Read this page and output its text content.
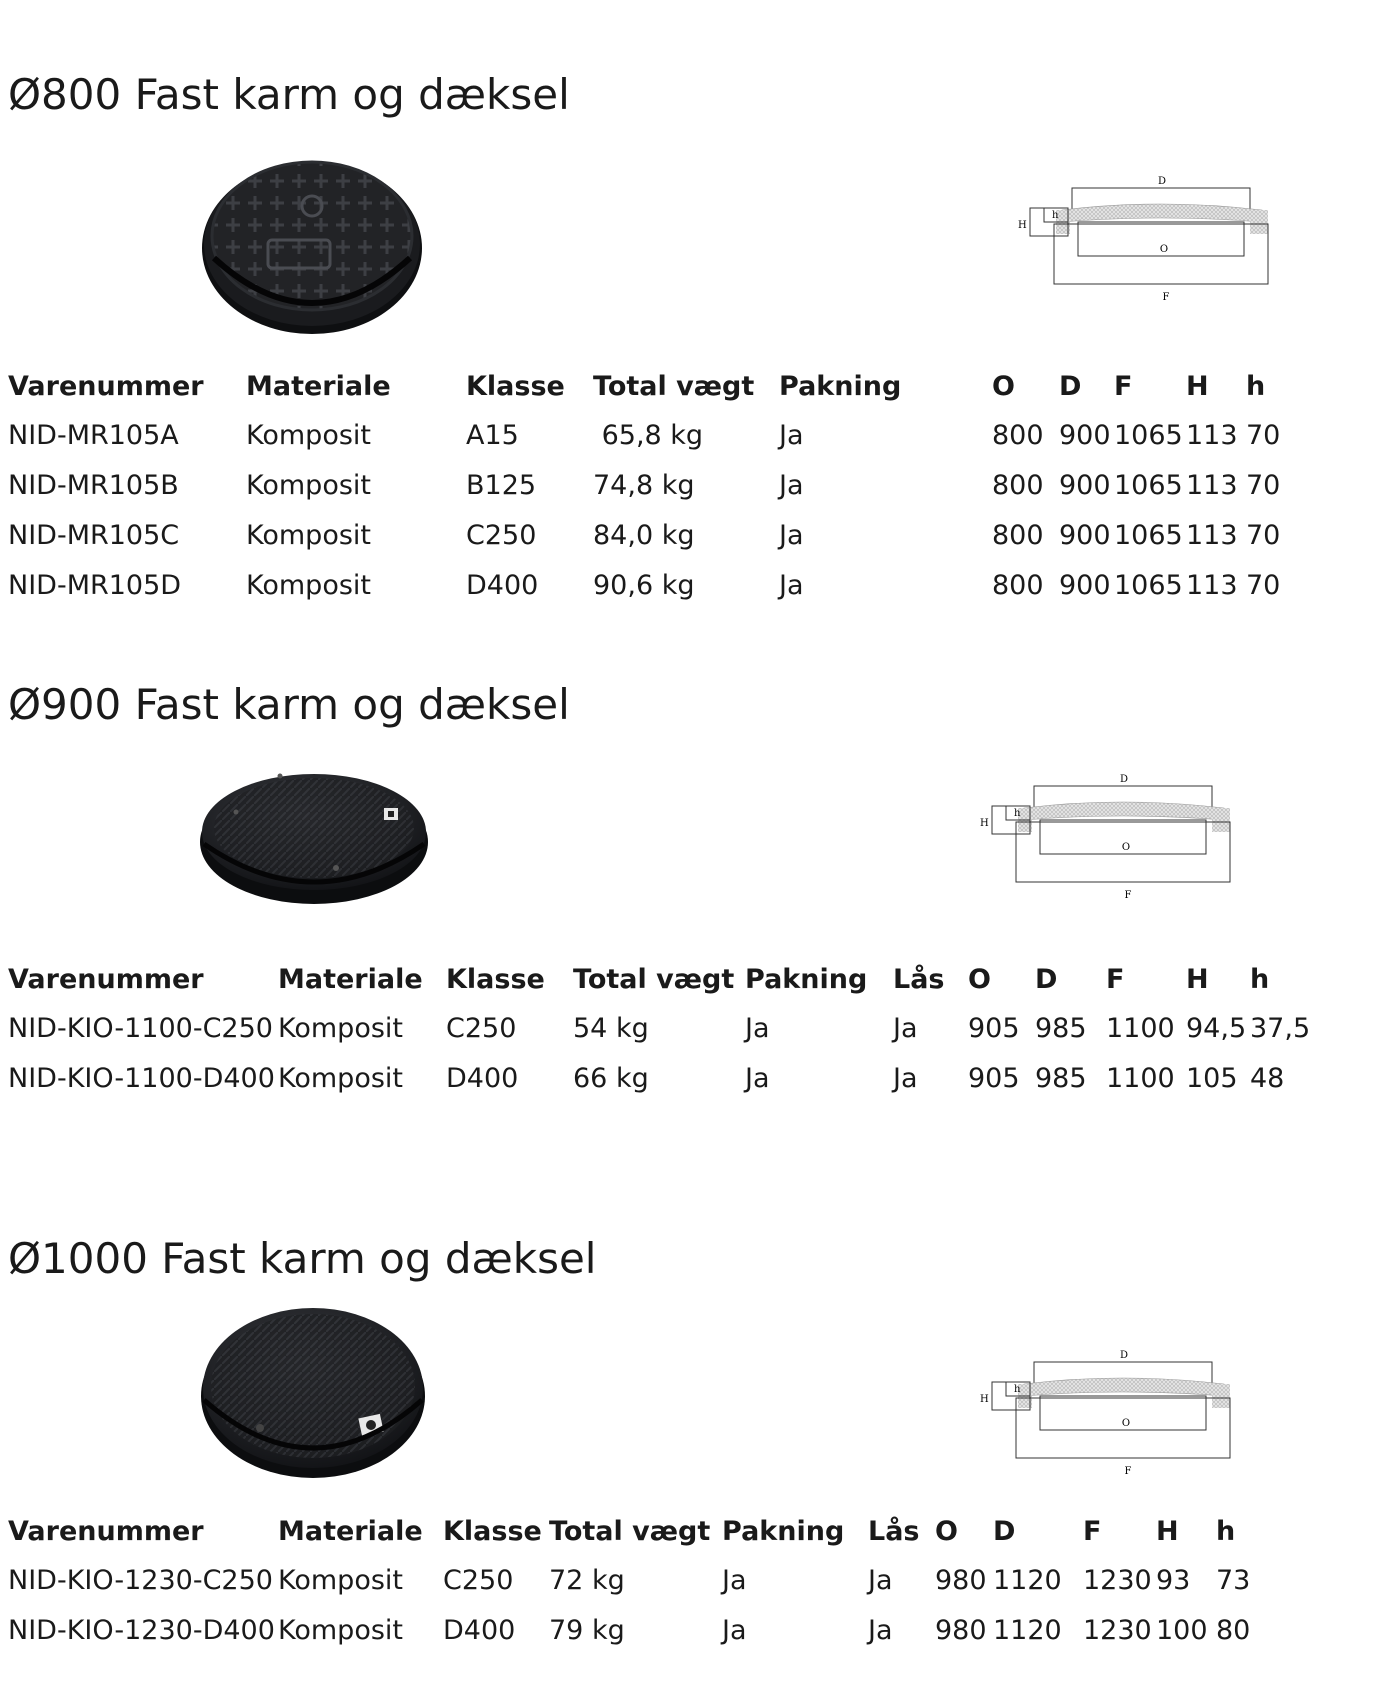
Ø800 Fast karm og dæksel
D
h
H
O
F
Varenummer	Materiale	Klasse	Total vægt	Pakning	O	D	F	H	h
NID-MR105A	Komposit	A15	65,8 kg	Ja	800	900	1065	113	70
NID-MR105B	Komposit	B125	74,8 kg	Ja	800	900	1065	113	70
NID-MR105C	Komposit	C250	84,0 kg	Ja	800	900	1065	113	70
NID-MR105D	Komposit	D400	90,6 kg	Ja	800	900	1065	113	70
Ø900 Fast karm og dæksel
D
h
H
O
F
Varenummer	Materiale	Klasse	Total vægt	Pakning	Lås	O	D	F	H	h
NID-KIO-1100-C250	Komposit	C250	54 kg	Ja	Ja	905	985	1100	94,5	37,5
NID-KIO-1100-D400	Komposit	D400	66 kg	Ja	Ja	905	985	1100	105	48
Ø1000 Fast karm og dæksel
D
h
H
O
F
Varenummer	Materiale	Klasse	Total vægt	Pakning	Lås	O	D	F	H	h
NID-KIO-1230-C250	Komposit	C250	72 kg	Ja	Ja	980	1120	1230	93	73
NID-KIO-1230-D400	Komposit	D400	79 kg	Ja	Ja	980	1120	1230	100	80
